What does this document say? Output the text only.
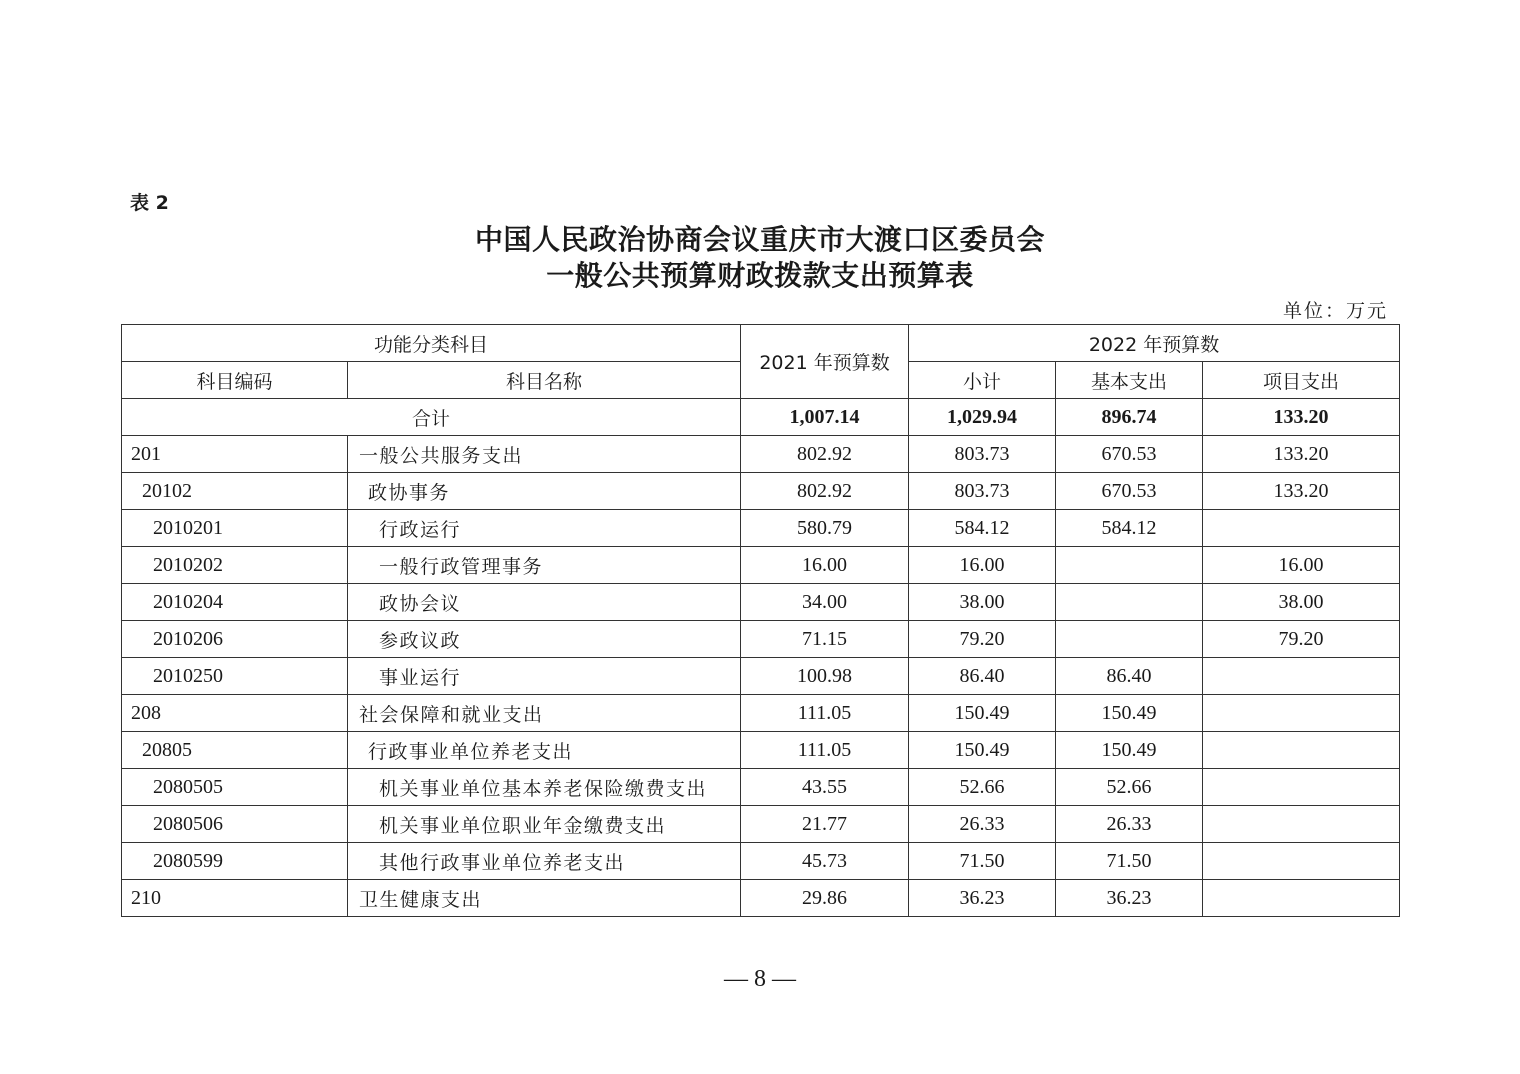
表 2
中国人民政治协商会议重庆市大渡口区委员会
一般公共预算财政拨款支出预算表
单位：万元
功能分类科目		2021 年预算数	2022 年预算数		
科目编码	科目名称		小计	基本支出	项目支出
合计		1,007.14	1,029.94	896.74	133.20
201	一般公共服务支出	802.92	803.73	670.53	133.20
20102	政协事务	802.92	803.73	670.53	133.20
2010201	行政运行	580.79	584.12	584.12	
2010202	一般行政管理事务	16.00	16.00		16.00
2010204	政协会议	34.00	38.00		38.00
2010206	参政议政	71.15	79.20		79.20
2010250	事业运行	100.98	86.40	86.40	
208	社会保障和就业支出	111.05	150.49	150.49	
20805	行政事业单位养老支出	111.05	150.49	150.49	
2080505	机关事业单位基本养老保险缴费支出	43.55	52.66	52.66	
2080506	机关事业单位职业年金缴费支出	21.77	26.33	26.33	
2080599	其他行政事业单位养老支出	45.73	71.50	71.50	
210	卫生健康支出	29.86	36.23	36.23	
— 8 —
